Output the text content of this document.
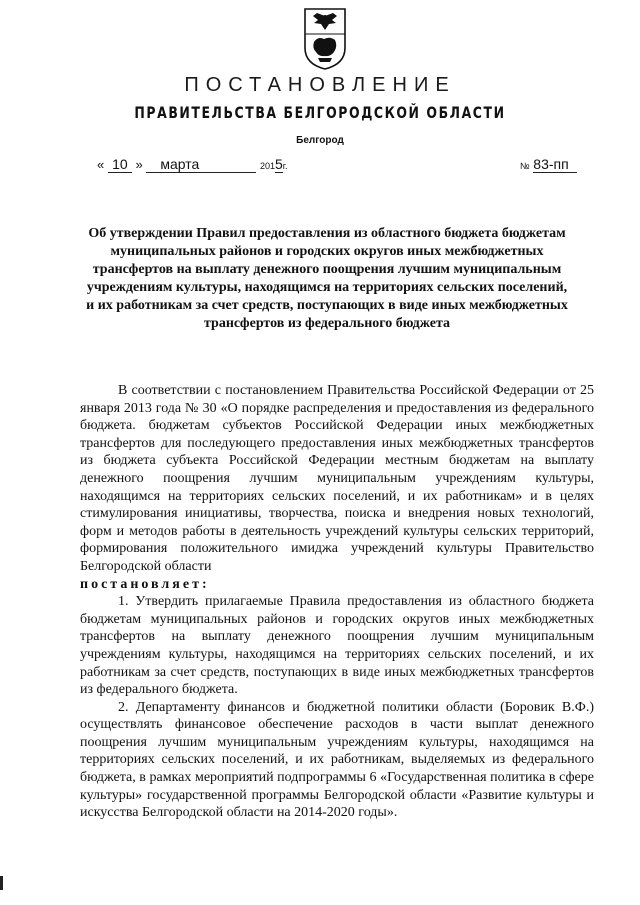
ПОСТАНОВЛЕНИЕ
ПРАВИТЕЛЬСТВА БЕЛГОРОДСКОЙ ОБЛАСТИ
Белгород
« 10 » марта	2015г.	№ 83-пп
Об утверждении Правил предоставления из областного бюджета бюджетам муниципальных районов и городских округов иных межбюджетных трансфертов на выплату денежного поощрения лучшим муниципальным учреждениям культуры, находящимся на территориях сельских поселений, и их работникам за счет средств, поступающих в виде иных межбюджетных трансфертов из федерального бюджета

В соответствии с постановлением Правительства Российской Федерации от 25 января 2013 года № 30 «О порядке распределения и предоставления из федерального бюджета. бюджетам субъектов Российской Федерации иных межбюджетных трансфертов для последующего предоставления иных межбюджетных трансфертов из бюджета субъекта Российской Федерации местным бюджетам на выплату денежного поощрения лучшим муниципальным учреждениям культуры, находящимся на территориях сельских поселений, и их работникам» и в целях стимулирования инициативы, творчества, поиска и внедрения новых технологий, форм и методов работы в деятельность учреждений культуры сельских территорий, формирования положительного имиджа учреждений культуры Правительство Белгородской области

постановляет:

1. Утвердить прилагаемые Правила предоставления из областного бюджета бюджетам муниципальных районов и городских округов иных межбюджетных трансфертов на выплату денежного поощрения лучшим муниципальным учреждениям культуры, находящимся на территориях сельских поселений, и их работникам за счет средств, поступающих в виде иных межбюджетных трансфертов из федерального бюджета.

2. Департаменту финансов и бюджетной политики области (Боровик В.Ф.) осуществлять финансовое обеспечение расходов в части выплат денежного поощрения лучшим муниципальным учреждениям культуры, находящимся на территориях сельских поселений, и их работникам, выделяемых из федерального бюджета, в рамках мероприятий подпрограммы 6 «Государственная политика в сфере культуры» государственной программы Белгородской области «Развитие культуры и искусства Белгородской области на 2014-2020 годы».
